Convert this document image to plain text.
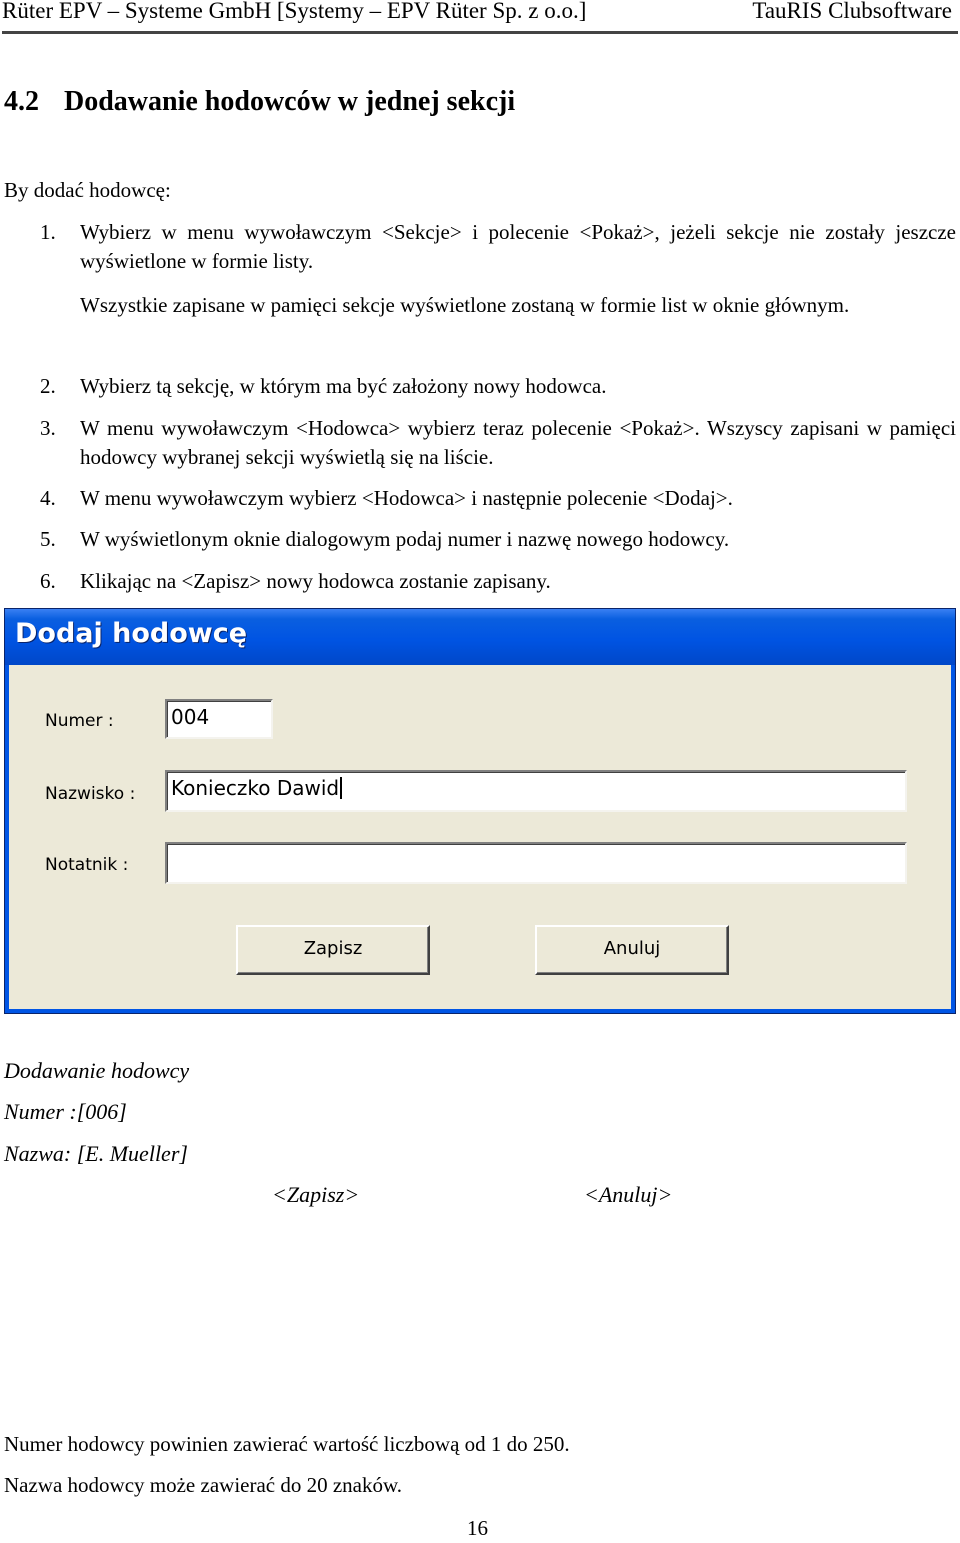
Rüter EPV – Systeme GmbH [Systemy – EPV Rüter Sp. z o.o.]	TauRIS Clubsoftware
4.2 Dodawanie hodowców w jednej sekcji
By dodać hodowcę:
1.	Wybierz w menu wywoławczym <Sekcje> i polecenie <Pokaż>, jeżeli sekcje nie zostały jeszcze wyświetlone w formie listy.
Wszystkie zapisane w pamięci sekcje wyświetlone zostaną w formie list w oknie głównym.
2.	Wybierz tą sekcję, w którym ma być założony nowy hodowca.
3.	W menu wywoławczym <Hodowca> wybierz teraz polecenie <Pokaż>. Wszyscy zapisani w pamięci hodowcy wybranej sekcji wyświetlą się na liście.
4.	W menu wywoławczym wybierz <Hodowca> i następnie polecenie <Dodaj>.
5.	W wyświetlonym oknie dialogowym podaj numer i nazwę nowego hodowcy.
6.	Klikając na <Zapisz> nowy hodowca zostanie zapisany.
Dodaj hodowcę
Numer :	004
Nazwisko :	Konieczko Dawid
Notatnik :
Zapisz	Anuluj
Dodawanie hodowcy
Numer :[006]
Nazwa: [E. Mueller]
<Zapisz>	<Anuluj>
Numer hodowcy powinien zawierać wartość liczbową od 1 do 250.
Nazwa hodowcy może zawierać do 20 znaków.
16
